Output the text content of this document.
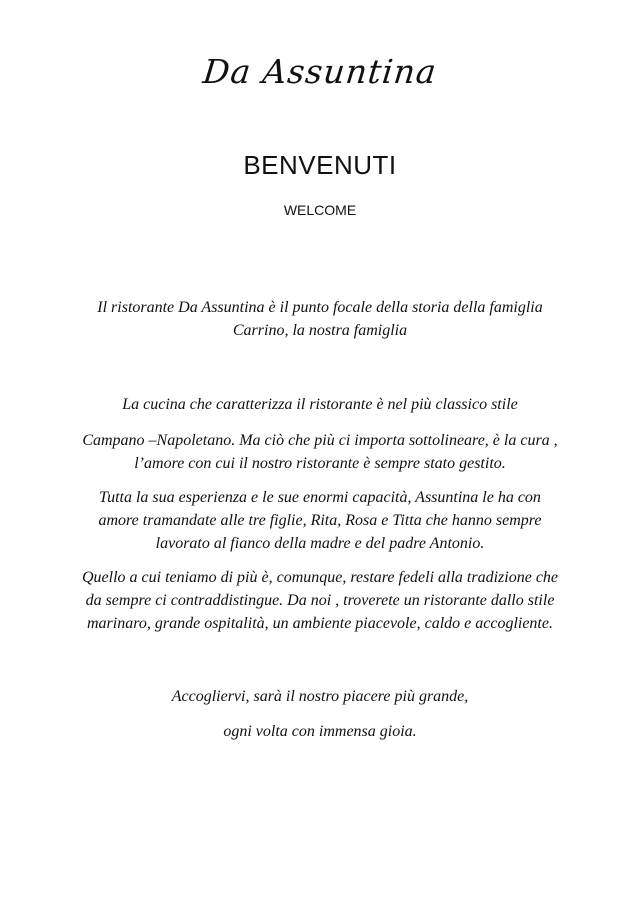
Da Assuntina
BENVENUTI
WELCOME

Il ristorante Da Assuntina è il punto focale della storia della famiglia
Carrino, la nostra famiglia

La cucina che caratterizza il ristorante è nel più classico stile

Campano –Napoletano. Ma ciò che più ci importa sottolineare, è la cura ,
l’amore con cui il nostro ristorante è sempre stato gestito.

Tutta la sua esperienza e le sue enormi capacità, Assuntina le ha con
amore tramandate alle tre figlie, Rita, Rosa e Titta che hanno sempre
lavorato al fianco della madre e del padre Antonio.

Quello a cui teniamo di più è, comunque, restare fedeli alla tradizione che
da sempre ci contraddistingue. Da noi , troverete un ristorante dallo stile
marinaro, grande ospitalità, un ambiente piacevole, caldo e accogliente.

Accogliervi, sarà il nostro piacere più grande,

ogni volta con immensa gioia.
